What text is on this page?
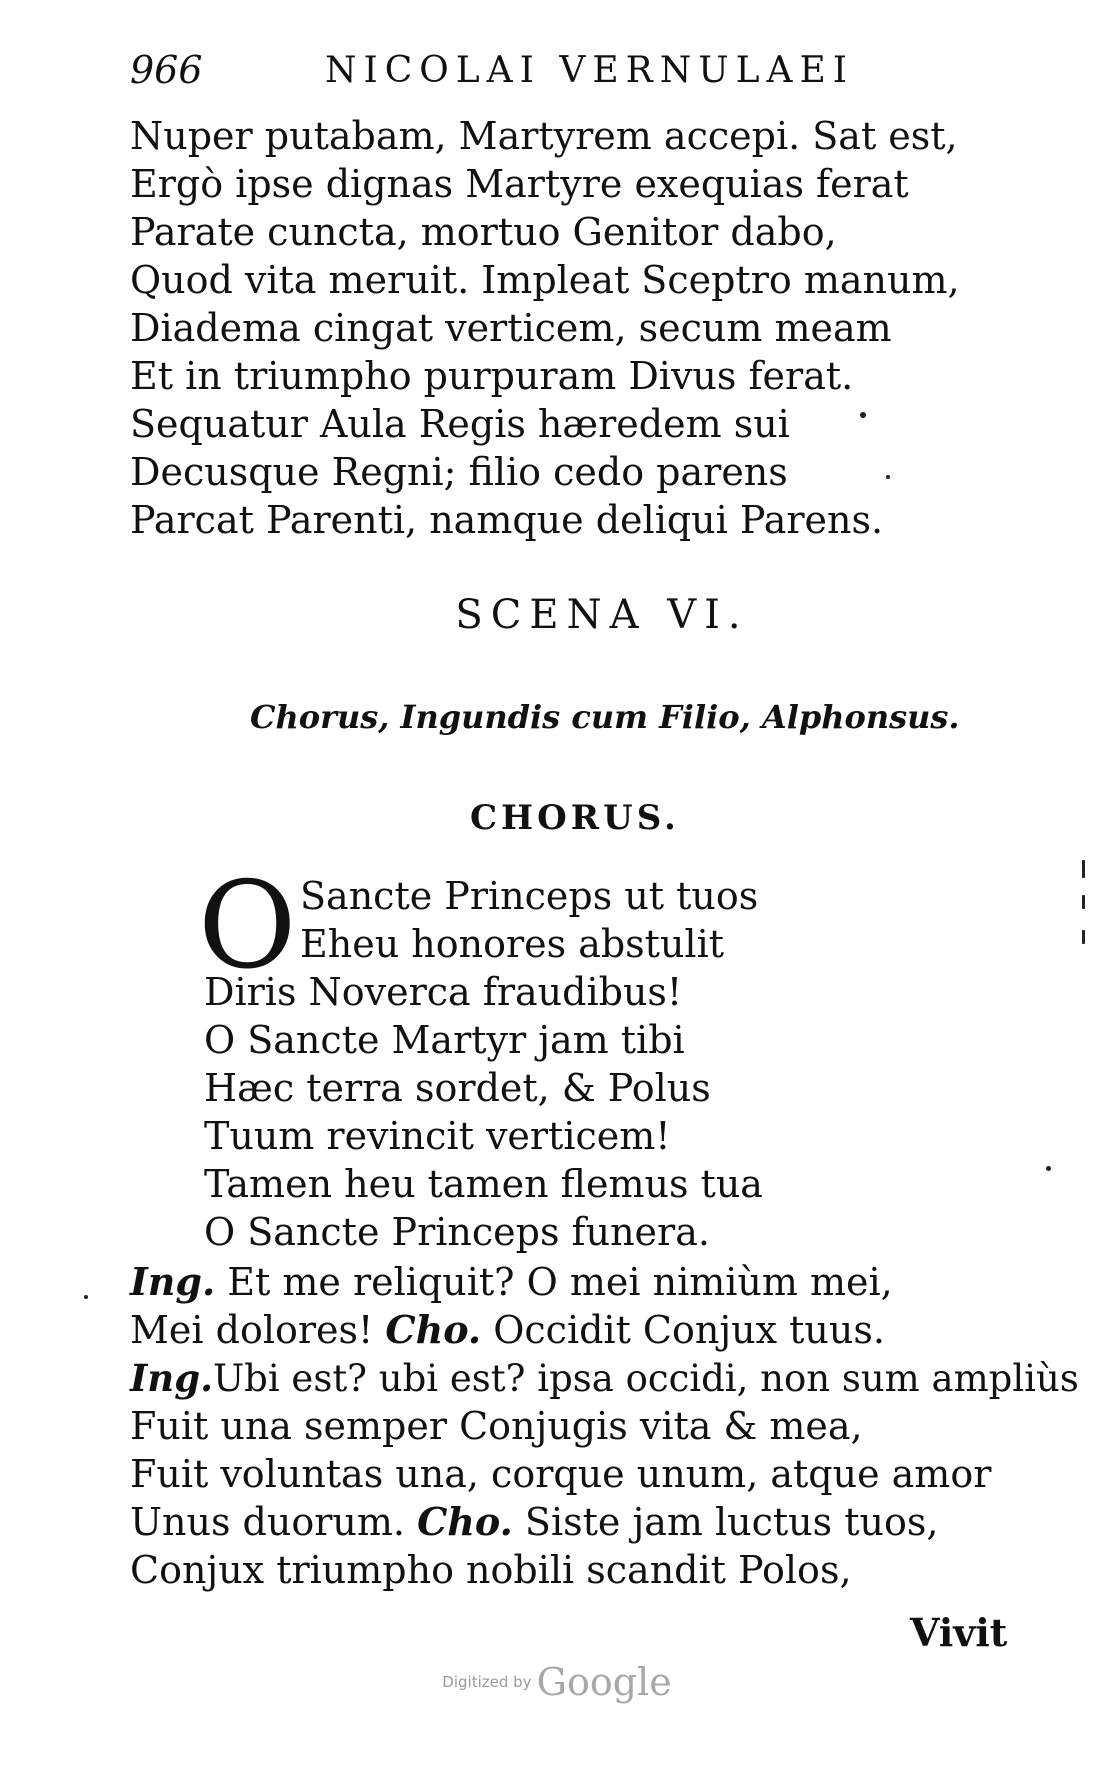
966	NICOLAI VERNULAEI
Nuper putabam, Martyrem accepi. Sat est,
Ergò ipse dignas Martyre exequias ferat
Parate cuncta, mortuo Genitor dabo,
Quod vita meruit. Impleat Sceptro manum,
Diadema cingat verticem, secum meam
Et in triumpho purpuram Divus ferat.
Sequatur Aula Regis hæredem sui
Decusque Regni; filio cedo parens
Parcat Parenti, namque deliqui Parens.
SCENA VI.
Chorus, Ingundis cum Filio, Alphonsus.
CHORUS.
O Sancte Princeps ut tuos
Eheu honores abstulit
Diris Noverca fraudibus!
O Sancte Martyr jam tibi
Hæc terra sordet, & Polus
Tuum revincit verticem!
Tamen heu tamen flemus tua
O Sancte Princeps funera.
Ing. Et me reliquit? O mei nimiùm mei,
Mei dolores! Cho. Occidit Conjux tuus.
Ing.Ubi est? ubi est? ipsa occidi, non sum ampliùs
Fuit una semper Conjugis vita & mea,
Fuit voluntas una, corque unum, atque amor
Unus duorum. Cho. Siste jam luctus tuos,
Conjux triumpho nobili scandit Polos,
Vivit
Digitized by Google
